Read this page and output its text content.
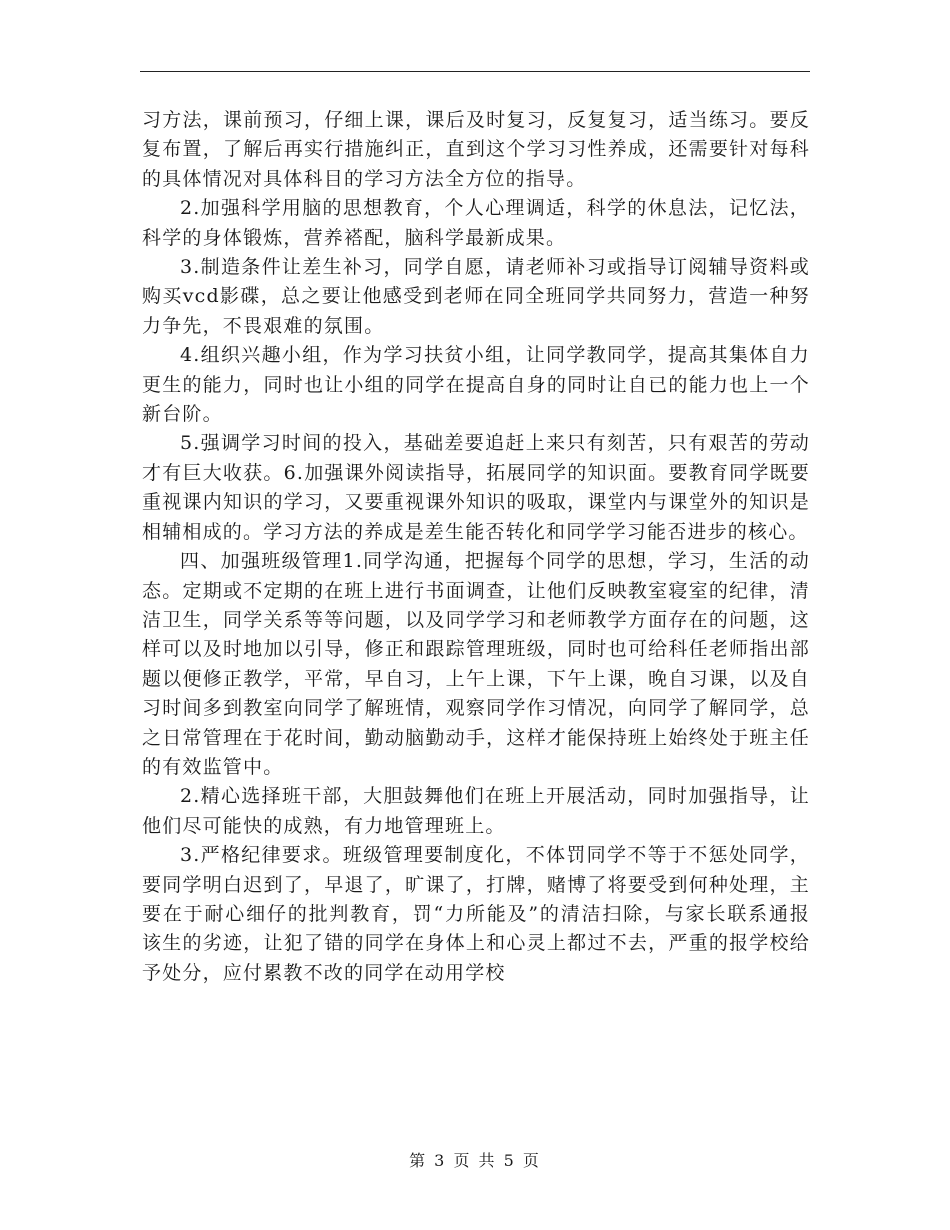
习方法，课前预习，仔细上课，课后及时复习，反复复习，适当练习。要反复布置，了解后再实行措施纠正，直到这个学习习性养成，还需要针对每科的具体情况对具体科目的学习方法全方位的指导。

2.加强科学用脑的思想教育，个人心理调适，科学的休息法，记忆法，科学的身体锻炼，营养褡配，脑科学最新成果。

3.制造条件让差生补习，同学自愿，请老师补习或指导订阅辅导资料或购买vcd影碟，总之要让他感受到老师在同全班同学共同努力，营造一种努力争先，不畏艰难的氛围。

4.组织兴趣小组，作为学习扶贫小组，让同学教同学，提高其集体自力更生的能力，同时也让小组的同学在提高自身的同时让自已的能力也上一个新台阶。

5.强调学习时间的投入，基础差要追赶上来只有刻苦，只有艰苦的劳动才有巨大收获。6.加强课外阅读指导，拓展同学的知识面。要教育同学既要重视课内知识的学习，又要重视课外知识的吸取，课堂内与课堂外的知识是相辅相成的。学习方法的养成是差生能否转化和同学学习能否进步的核心。

四、加强班级管理1.同学沟通，把握每个同学的思想，学习，生活的动态。定期或不定期的在班上进行书面调查，让他们反映教室寝室的纪律，清洁卫生，同学关系等等问题，以及同学学习和老师教学方面存在的问题，这样可以及时地加以引导，修正和跟踪管理班级，同时也可给科任老师指出部题以便修正教学，平常，早自习，上午上课，下午上课，晚自习课，以及自习时间多到教室向同学了解班情，观察同学作习情况，向同学了解同学，总之日常管理在于花时间，勤动脑勤动手，这样才能保持班上始终处于班主任的有效监管中。

2.精心选择班干部，大胆鼓舞他们在班上开展活动，同时加强指导，让他们尽可能快的成熟，有力地管理班上。

3.严格纪律要求。班级管理要制度化，不体罚同学不等于不惩处同学，要同学明白迟到了，早退了，旷课了，打牌，赌博了将要受到何种处理，主要在于耐心细仔的批判教育，罚“力所能及”的清洁扫除，与家长联系通报该生的劣迹，让犯了错的同学在身体上和心灵上都过不去，严重的报学校给予处分，应付累教不改的同学在动用学校

第 3 页 共 5 页
